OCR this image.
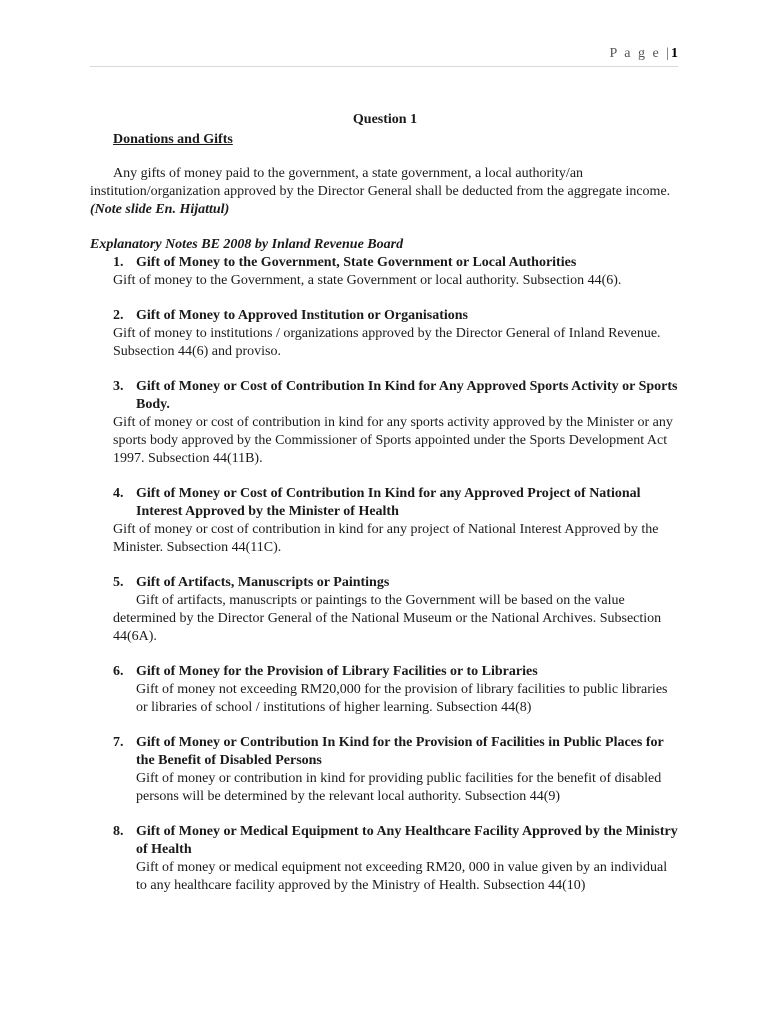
P a g e |1
Question 1
Donations and Gifts
Any gifts of money paid to the government, a state government, a local authority/an institution/organization approved by the Director General shall be deducted from the aggregate income. (Note slide En. Hijattul)
Explanatory Notes BE 2008 by Inland Revenue Board
1. Gift of Money to the Government, State Government or Local Authorities
Gift of money to the Government, a state Government or local authority. Subsection 44(6).
2. Gift of Money to Approved Institution or Organisations
Gift of money to institutions / organizations approved by the Director General of Inland Revenue. Subsection 44(6) and proviso.
3. Gift of Money or Cost of Contribution In Kind for Any Approved Sports Activity or Sports Body.
Gift of money or cost of contribution in kind for any sports activity approved by the Minister or any sports body approved by the Commissioner of Sports appointed under the Sports Development Act 1997. Subsection 44(11B).
4. Gift of Money or Cost of Contribution In Kind for any Approved Project of National Interest Approved by the Minister of Health
Gift of money or cost of contribution in kind for any project of National Interest Approved by the Minister. Subsection 44(11C).
5. Gift of Artifacts, Manuscripts or Paintings
Gift of artifacts, manuscripts or paintings to the Government will be based on the value determined by the Director General of the National Museum or the National Archives. Subsection 44(6A).
6. Gift of Money for the Provision of Library Facilities or to Libraries
Gift of money not exceeding RM20,000 for the provision of library facilities to public libraries or libraries of school / institutions of higher learning. Subsection 44(8)
7. Gift of Money or Contribution In Kind for the Provision of Facilities in Public Places for the Benefit of Disabled Persons
Gift of money or contribution in kind for providing public facilities for the benefit of disabled persons will be determined by the relevant local authority. Subsection 44(9)
8. Gift of Money or Medical Equipment to Any Healthcare Facility Approved by the Ministry of Health
Gift of money or medical equipment not exceeding RM20, 000 in value given by an individual to any healthcare facility approved by the Ministry of Health. Subsection 44(10)
